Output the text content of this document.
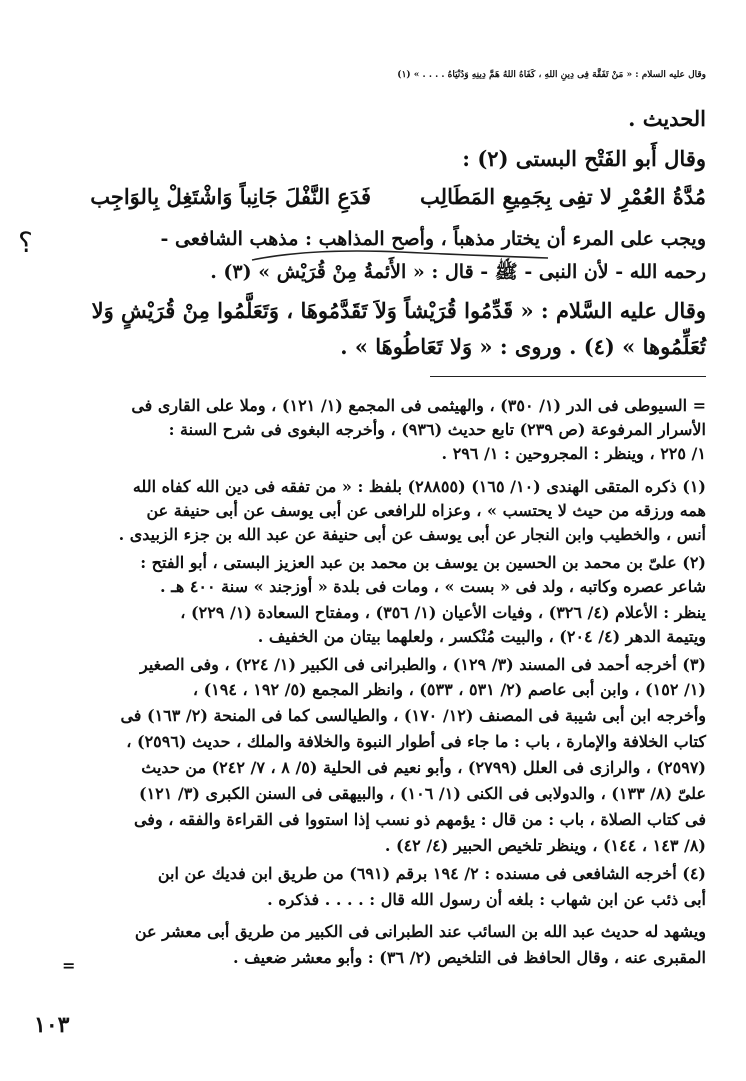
وقال عليه السلام : « مَنْ تَفَقَّهَ فِى دِينِ اللهِ ، كَفَاهُ اللهُ هَمَّ دِينِهِ وَدُنْيَاهُ . . . . » (١)
الحديث .
وقال أَبو الفَتْح البستى (٢) :
مُدَّةُ العُمْرِ لا تفِى بِجَمِيعِ المَطَالِب
فَدَعِ النَّفْلَ جَانِباً وَاشْتَغِلْ بِالوَاجِب
ويجب على المرء أن يختار مذهباً ، وأصح المذاهب : مذهب الشافعى -
رحمه الله - لأن النبى - ﷺ - قال : « الأَئمةُ مِنْ قُرَيْش » (٣) .
؟
وقال عليه السَّلام : « قَدِّمُوا قُرَيْشاً وَلاَ تَقَدَّمُوهَا ، وَتَعَلَّمُوا مِنْ قُرَيْشٍ وَلا
تُعَلِّمُوها » (٤) . وروى : « وَلا تَعَاطُوهَا » .
= السيوطى فى الدر (١/ ٣٥٠) ، والهيثمى فى المجمع (١/ ١٢١) ، وملا على القارى فى
الأسرار المرفوعة (ص ٢٣٩) تابع حديث (٩٣٦) ، وأخرجه البغوى فى شرح السنة :
١/ ٢٢٥ ، وينظر : المجروحين : ١/ ٢٩٦ .
(١) ذكره المتقى الهندى (١٠/ ١٦٥) (٢٨٨٥٥) بلفظ : « من تفقه فى دين الله كفاه الله
همه ورزقه من حيث لا يحتسب » ، وعزاه للرافعى عن أبى يوسف عن أبى حنيفة عن
أنس ، والخطيب وابن النجار عن أبى يوسف عن أبى حنيفة عن عبد الله بن جزء الزبيدى .
(٢) علىّ بن محمد بن الحسين بن يوسف بن محمد بن عبد العزيز البستى ، أبو الفتح :
شاعر عصره وكاتبه ، ولد فى « بست » ، ومات فى بلدة « أوزجند » سنة ٤٠٠ هـ .
ينظر : الأعلام (٤/ ٣٢٦) ، وفيات الأعيان (١/ ٣٥٦) ، ومفتاح السعادة (١/ ٢٢٩) ،
ويتيمة الدهر (٤/ ٢٠٤) ، والبيت مُنْكسر ، ولعلهما بيتان من الخفيف .
(٣) أخرجه أحمد فى المسند (٣/ ١٢٩) ، والطبرانى فى الكبير (١/ ٢٢٤) ، وفى الصغير
(١/ ١٥٢) ، وابن أبى عاصم (٢/ ٥٣١ ، ٥٣٣) ، وانظر المجمع (٥/ ١٩٢ ، ١٩٤) ،
وأخرجه ابن أبى شيبة فى المصنف (١٢/ ١٧٠) ، والطيالسى كما فى المنحة (٢/ ١٦٣) فى
كتاب الخلافة والإمارة ، باب : ما جاء فى أطوار النبوة والخلافة والملك ، حديث (٢٥٩٦) ،
(٢٥٩٧) ، والرازى فى العلل (٢٧٩٩) ، وأبو نعيم فى الحلية (٥/ ٨ ، ٧/ ٢٤٢) من حديث
علىّ (٨/ ١٣٣) ، والدولابى فى الكنى (١/ ١٠٦) ، والبيهقى فى السنن الكبرى (٣/ ١٢١)
فى كتاب الصلاة ، باب : من قال : يؤمهم ذو نسب إذا استووا فى القراءة والفقه ، وفى
(٨/ ١٤٣ ، ١٤٤) ، وينظر تلخيص الحبير (٤/ ٤٢) .
(٤) أخرجه الشافعى فى مسنده : ٢/ ١٩٤ برقم (٦٩١) من طريق ابن فديك عن ابن
أبى ذئب عن ابن شهاب : بلغه أن رسول الله قال : . . . . فذكره .
ويشهد له حديث عبد الله بن السائب عند الطبرانى فى الكبير من طريق أبى معشر عن
المقبرى عنه ، وقال الحافظ فى التلخيص (٢/ ٣٦) : وأبو معشر ضعيف .
=
١٠٣
